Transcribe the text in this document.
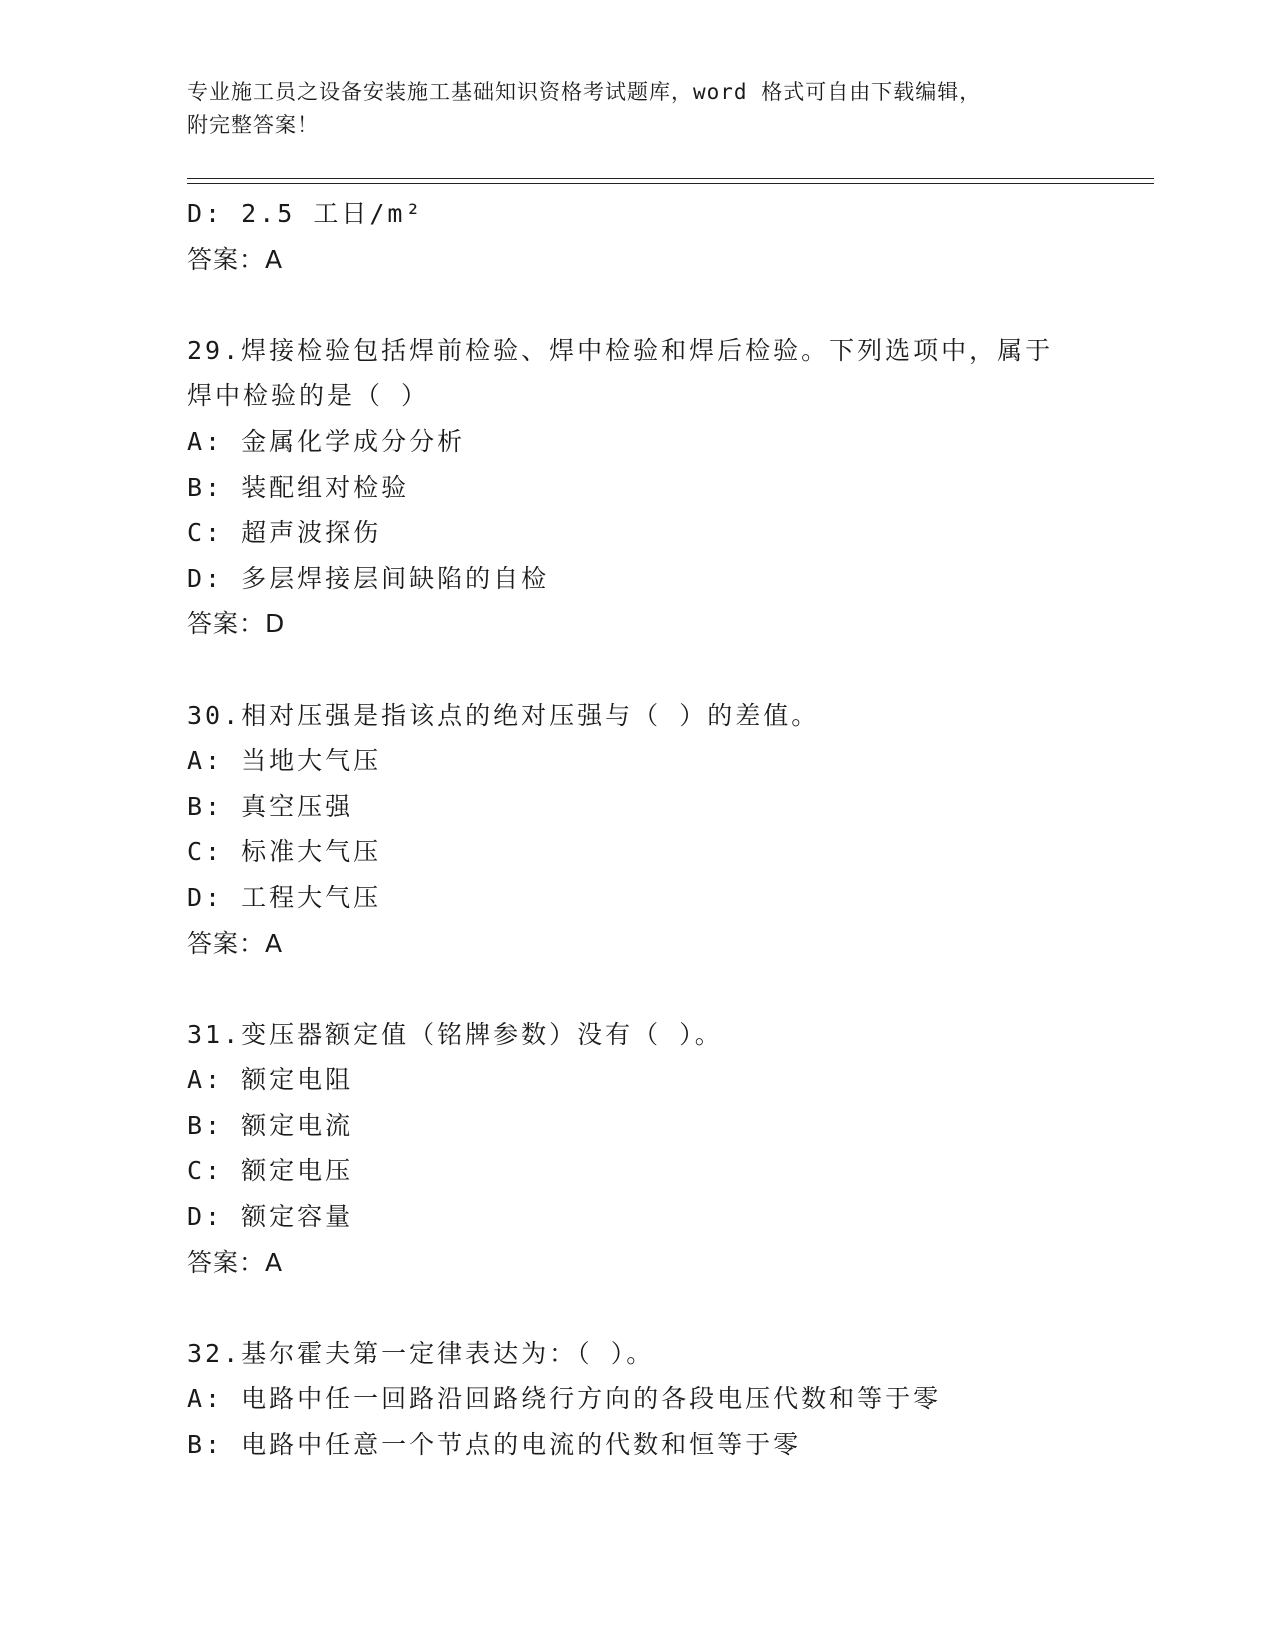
专业施工员之设备安装施工基础知识资格考试题库，word 格式可自由下载编辑，
附完整答案！
D: 2.5 工日/m²
答案：A
29.焊接检验包括焊前检验、焊中检验和焊后检验。下列选项中，属于
焊中检验的是（ ）
A: 金属化学成分分析
B: 装配组对检验
C: 超声波探伤
D: 多层焊接层间缺陷的自检
答案：D
30.相对压强是指该点的绝对压强与（ ）的差值。
A: 当地大气压
B: 真空压强
C: 标准大气压
D: 工程大气压
答案：A
31.变压器额定值（铭牌参数）没有（ ）。
A: 额定电阻
B: 额定电流
C: 额定电压
D: 额定容量
答案：A
32.基尔霍夫第一定律表达为：（ ）。
A: 电路中任一回路沿回路绕行方向的各段电压代数和等于零
B: 电路中任意一个节点的电流的代数和恒等于零
